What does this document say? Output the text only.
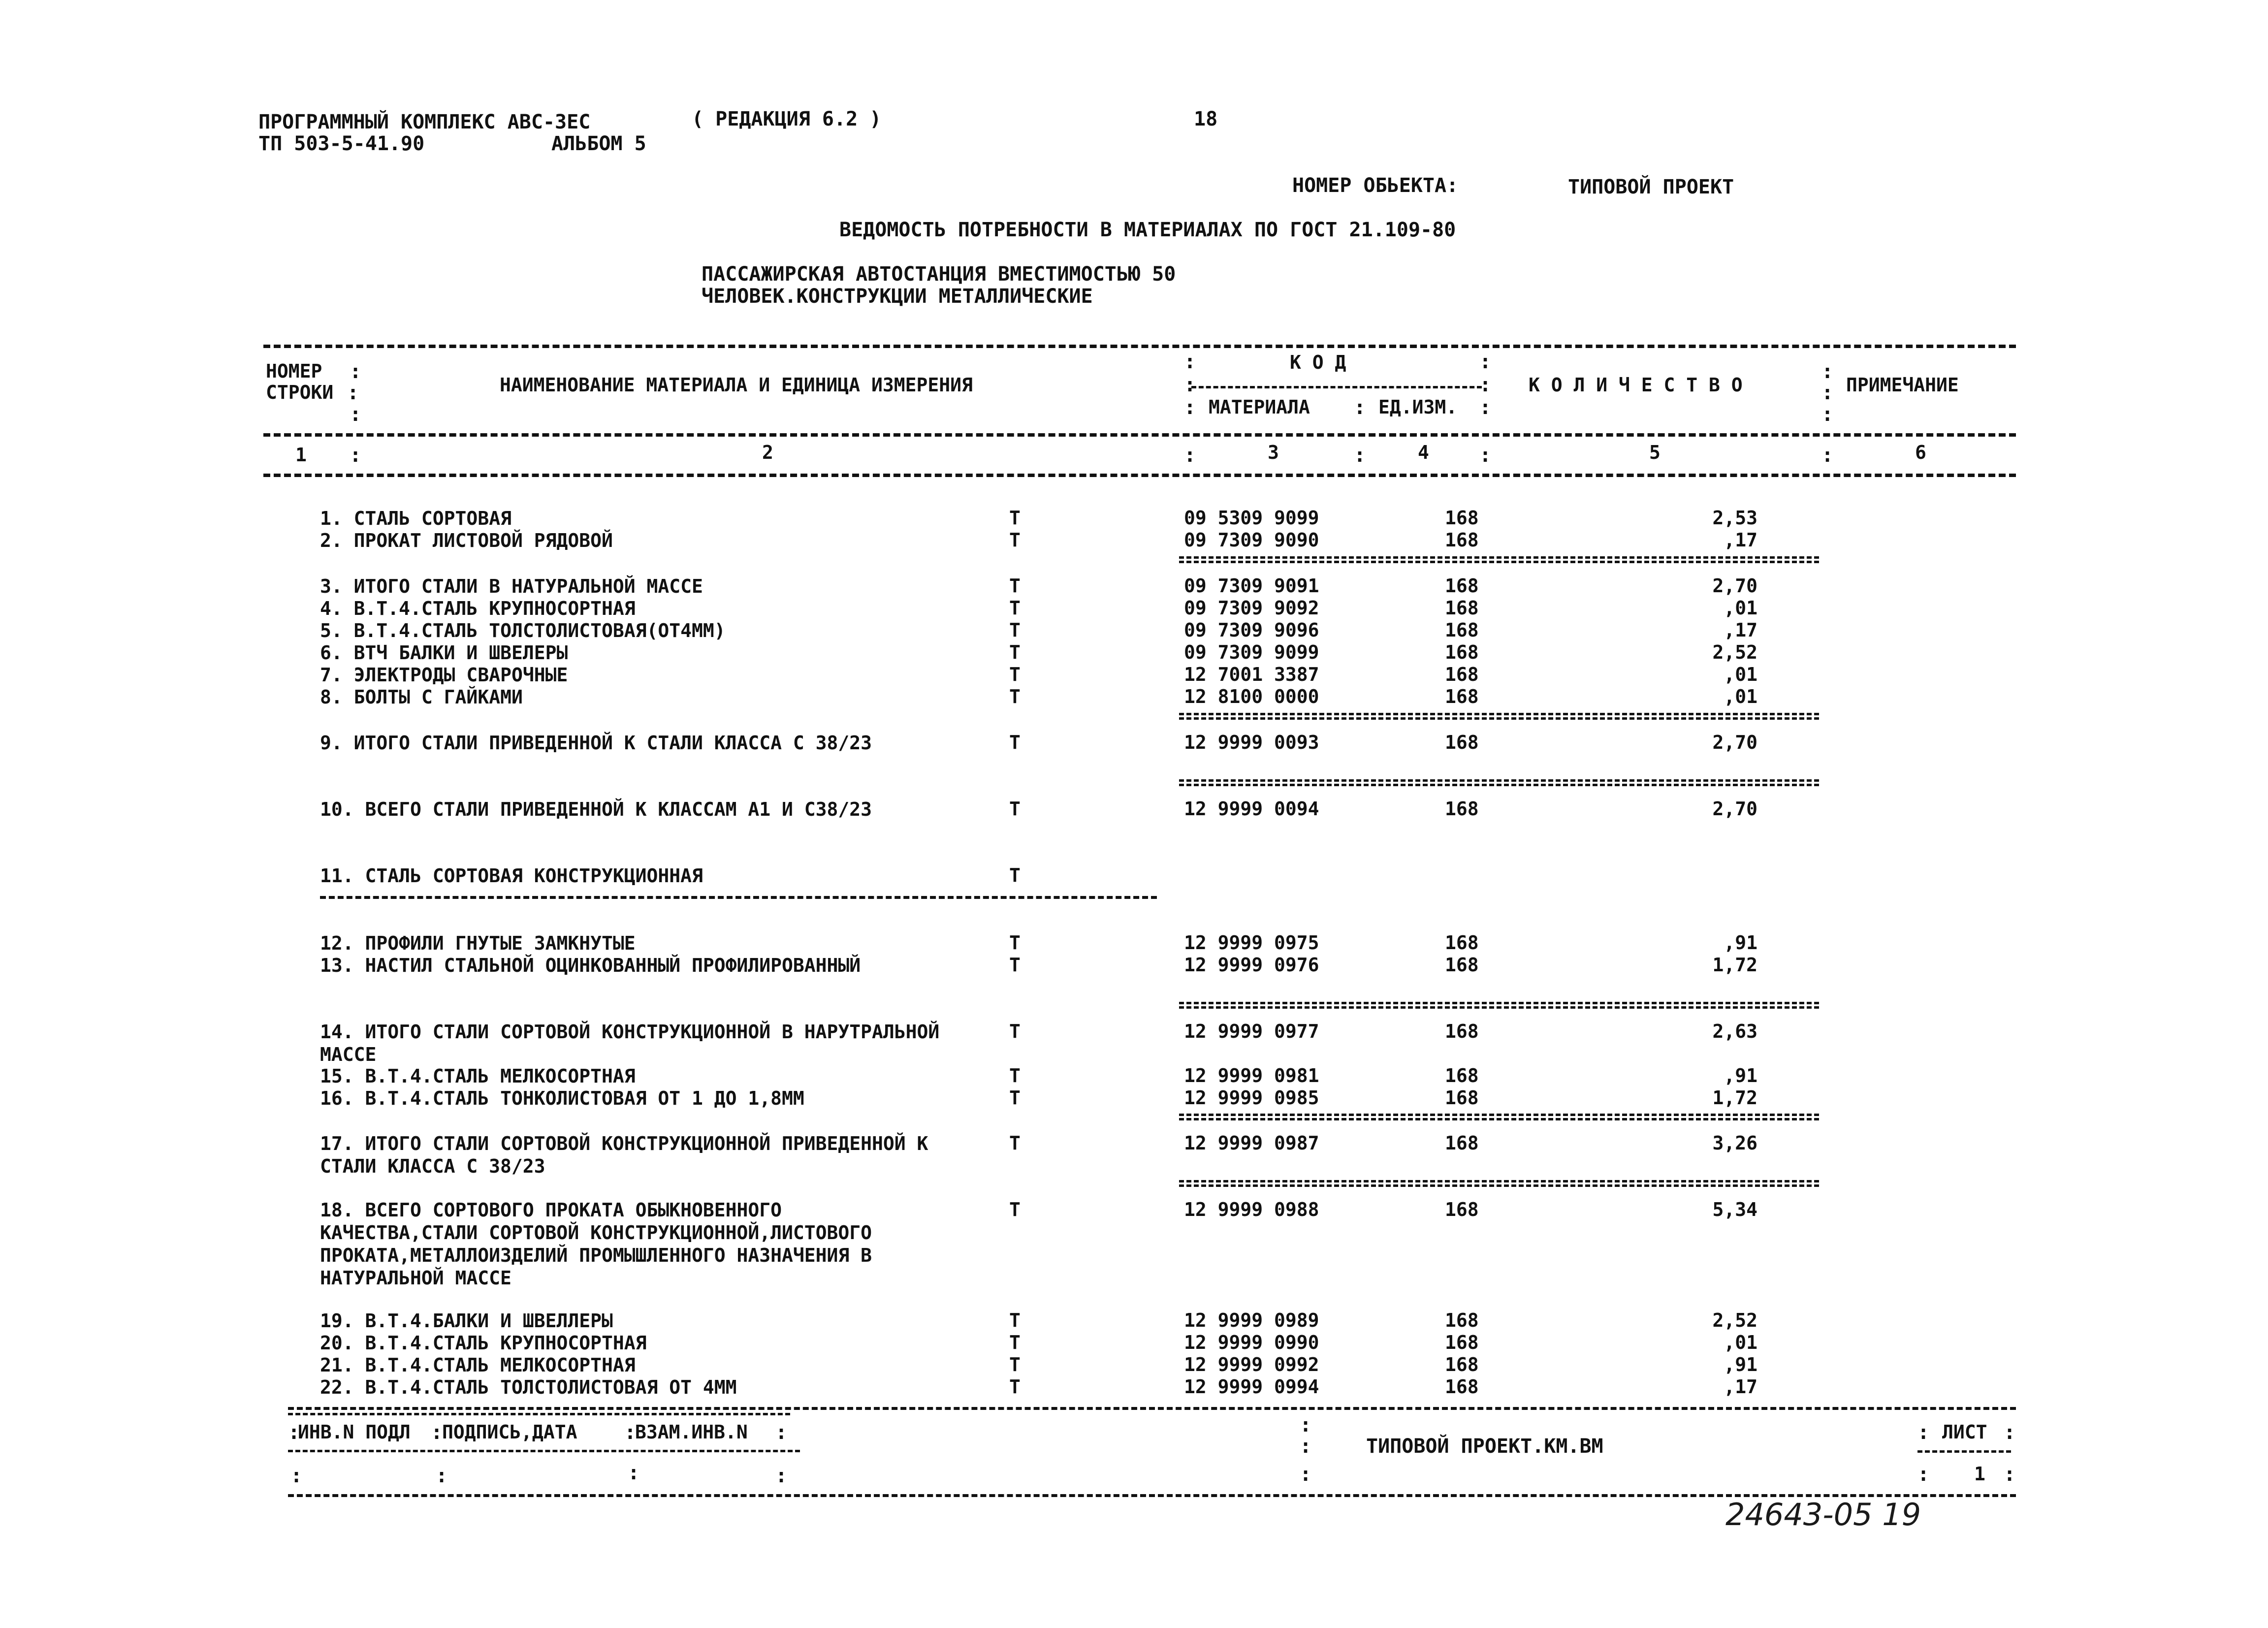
ПРОГРАММНЫЙ КОМПЛЕКС АВС-3ЕС	( РЕДАКЦИЯ 6.2 )	18
ТП 503-5-41.90	АЛЬБОМ 5
НОМЕР ОБЬЕКТА:	ТИПОВОЙ ПРОЕКТ
ВЕДОМОСТЬ ПОТРЕБНОСТИ В МАТЕРИАЛАХ ПО ГОСТ 21.109-80
ПАССАЖИРСКАЯ АВТОСТАНЦИЯ ВМЕСТИМОСТЬЮ 50
ЧЕЛОВЕК.КОНСТРУКЦИИ МЕТАЛЛИЧЕСКИЕ
НОМЕР :
СТРОКИ :
:
НАИМЕНОВАНИЕ МАТЕРИАЛА И ЕДИНИЦА ИЗМЕРЕНИЯ
:	К О Д	:
:	:
: МАТЕРИАЛА : ЕД.ИЗМ. :
К О Л И Ч Е С Т В О
:
:
:
ПРИМЕЧАНИЕ
1 :	2	:	3	:	4	:	5	:	6
1. СТАЛЬ СОРТОВАЯ	Т	09 5309 9099	168	2,53
2. ПРОКАТ ЛИСТОВОЙ РЯДОВОЙ	Т	09 7309 9090	168	,17
3. ИТОГО СТАЛИ В НАТУРАЛЬНОЙ МАССЕ	Т	09 7309 9091	168	2,70
4. В.Т.4.СТАЛЬ КРУПНОСОРТНАЯ	Т	09 7309 9092	168	,01
5. В.Т.4.СТАЛЬ ТОЛСТОЛИСТОВАЯ(ОТ4ММ)	Т	09 7309 9096	168	,17
6. ВТЧ БАЛКИ И ШВЕЛЕРЫ	Т	09 7309 9099	168	2,52
7. ЭЛЕКТРОДЫ СВАРОЧНЫЕ	Т	12 7001 3387	168	,01
8. БОЛТЫ С ГАЙКАМИ	Т	12 8100 0000	168	,01
9. ИТОГО СТАЛИ ПРИВЕДЕННОЙ К СТАЛИ КЛАССА С 38/23	Т	12 9999 0093	168	2,70
10. ВСЕГО СТАЛИ ПРИВЕДЕННОЙ К КЛАССАМ А1 И С38/23	Т	12 9999 0094	168	2,70
11. СТАЛЬ СОРТОВАЯ КОНСТРУКЦИОННАЯ	Т
12. ПРОФИЛИ ГНУТЫЕ ЗАМКНУТЫЕ	Т	12 9999 0975	168	,91
13. НАСТИЛ СТАЛЬНОЙ ОЦИНКОВАННЫЙ ПРОФИЛИРОВАННЫЙ	Т	12 9999 0976	168	1,72
14. ИТОГО СТАЛИ СОРТОВОЙ КОНСТРУКЦИОННОЙ В НАРУТРАЛЬНОЙ МАССЕ
Т	12 9999 0977	168	2,63
15. В.Т.4.СТАЛЬ МЕЛКОСОРТНАЯ	Т	12 9999 0981	168	,91
16. В.Т.4.СТАЛЬ ТОНКОЛИСТОВАЯ ОТ 1 ДО 1,8ММ	Т	12 9999 0985	168	1,72
17. ИТОГО СТАЛИ СОРТОВОЙ КОНСТРУКЦИОННОЙ ПРИВЕДЕННОЙ К СТАЛИ КЛАССА С 38/23
Т	12 9999 0987	168	3,26
18. ВСЕГО СОРТОВОГО ПРОКАТА ОБЫКНОВЕННОГО КАЧЕСТВА,СТАЛИ СОРТОВОЙ КОНСТРУКЦИОННОЙ,ЛИСТОВОГО ПРОКАТА,МЕТАЛЛОИЗДЕЛИЙ ПРОМЫШЛЕННОГО НАЗНАЧЕНИЯ В НАТУРАЛЬНОЙ МАССЕ
Т	12 9999 0988	168	5,34
19. В.Т.4.БАЛКИ И ШВЕЛЛЕРЫ	Т	12 9999 0989	168	2,52
20. В.Т.4.СТАЛЬ КРУПНОСОРТНАЯ	Т	12 9999 0990	168	,01
21. В.Т.4.СТАЛЬ МЕЛКОСОРТНАЯ	Т	12 9999 0992	168	,91
22. В.Т.4.СТАЛЬ ТОЛСТОЛИСТОВАЯ ОТ 4ММ	Т	12 9999 0994	168	,17
:
ИНВ.N ПОДЛ :
ПОДПИСЬ,ДАТА :
ВЗАМ.ИНВ.N :
:	:	:	:
:
:
:
ТИПОВОЙ ПРОЕКТ.КМ.ВМ
: ЛИСТ :
: 1 :
24643-05 19
